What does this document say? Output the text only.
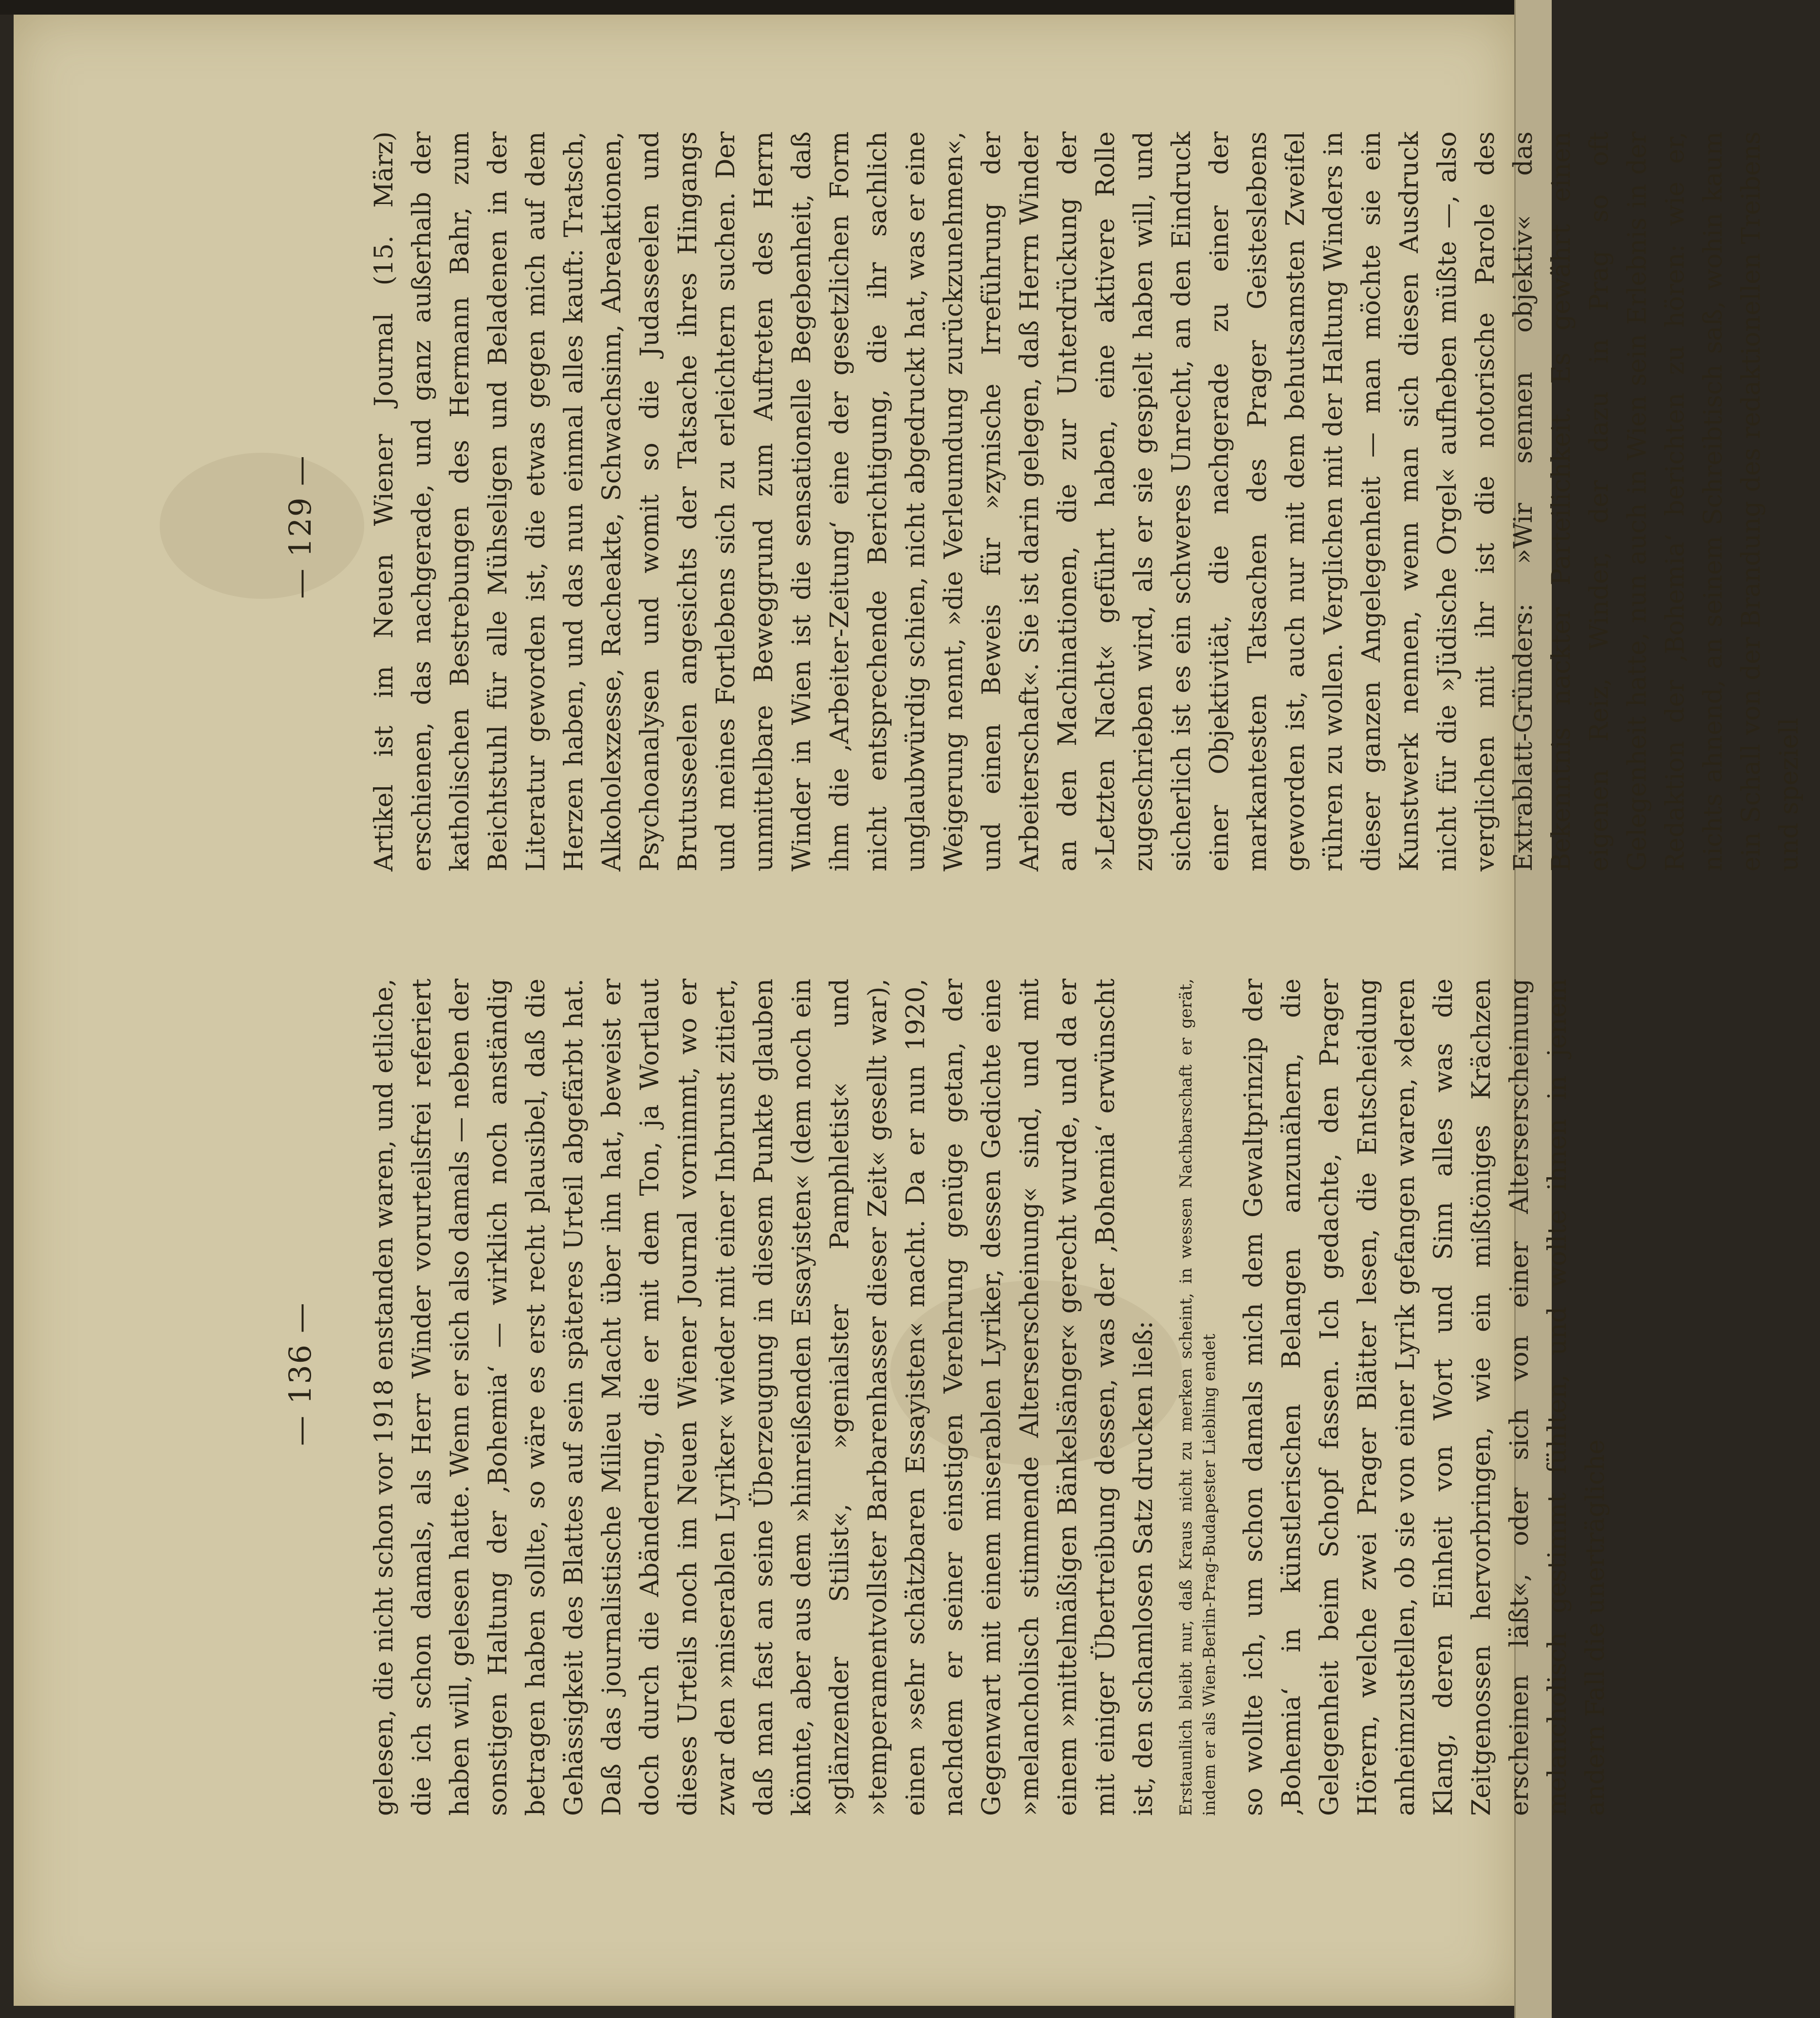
— 136 —
— 129 —

gelesen, die nicht schon vor 1918 enstanden waren, und etliche, die ich schon damals, als Herr Winder vorurteilsfrei referiert haben will, gelesen hatte. Wenn er sich also damals — neben der sonstigen Haltung der ‚Bohemia‘ — wirklich noch anständig betragen haben sollte, so wäre es erst recht plausibel, daß die Gehässigkeit des Blattes auf sein späteres Urteil abgefärbt hat. Daß das journalistische Milieu Macht über ihn hat, beweist er doch durch die Abänderung, die er mit dem Ton, ja Wortlaut dieses Urteils noch im Neuen Wiener Journal vornimmt, wo er zwar den »miserablen Lyriker« wieder mit einer Inbrunst zitiert, daß man fast an seine Überzeugung in diesem Punkte glauben könnte, aber aus dem »hinreißenden Essayisten« (dem noch ein »glänzender Stilist«, »genialster Pamphletist« und »temperamentvollster Barbarenhasser dieser Zeit« gesellt war), einen »sehr schätzbaren Essayisten« macht. Da er nun 1920, nachdem er seiner einstigen Verehrung genüge getan, der Gegenwart mit einem miserablen Lyriker, dessen Gedichte eine »melancholisch stimmende Alterserscheinung« sind, und mit einem »mittelmäßigen Bänkelsänger« gerecht wurde, und da er mit einiger Übertreibung dessen, was der ‚Bohemia‘ erwünscht ist, den schamlosen Satz drucken ließ: Erstaunlich bleibt nur, daß Kraus nicht zu merken scheint, in wessen Nachbarschaft er gerät, indem er als Wien-Berlin-Prag-Budapester Liebling endet so wollte ich, um schon damals mich dem Gewaltprinzip der ‚Bohemia‘ in künstlerischen Belangen anzunähern, die Gelegenheit beim Schopf fassen. Ich gedachte, den Prager Hörern, welche zwei Prager Blätter lesen, die Entscheidung anheimzustellen, ob sie von einer Lyrik gefangen waren, »deren Klang, deren Einheit von Wort und Sinn alles was die Zeitgenossen hervorbringen, wie ein mißtöniges Krächzen erscheinen läßt«, oder sich von einer Alterserscheinung melancholisch gestimmt fühlten, und wollte ihnen in jenem andern Fall die unerträgliche

Artikel ist im Neuen Wiener Journal (15. März) erschienen, das nachgerade, und ganz außerhalb der katholischen Bestrebungen des Hermann Bahr, zum Beichtstuhl für alle Mühseligen und Beladenen in der Literatur geworden ist, die etwas gegen mich auf dem Herzen haben, und das nun einmal alles kauft: Tratsch, Alkoholexzesse, Racheakte, Schwachsinn, Abreaktionen, Psychoanalysen und womit so die Judasseelen und Brutusseelen angesichts der Tatsache ihres Hingangs und meines Fortlebens sich zu erleichtern suchen. Der unmittelbare Beweggrund zum Auftreten des Herrn Winder in Wien ist die sensationelle Begebenheit, daß ihm die ‚Arbeiter-Zeitung‘ eine der gesetzlichen Form nicht entsprechende Berichtigung, die ihr sachlich unglaubwürdig schien, nicht abgedruckt hat, was er eine Weigerung nennt, »die Verleumdung zurückzunehmen«, und einen Beweis für »zynische Irreführung der Arbeiterschaft«. Sie ist darin gelegen, daß Herrn Winder an den Machinationen, die zur Unterdrückung der »Letzten Nacht« geführt haben, eine aktivere Rolle zugeschrieben wird, als er sie gespielt haben will, und sicherlich ist es ein schweres Unrecht, an den Eindruck einer Objektivität, die nachgerade zu einer der markantesten Tatsachen des Prager Geisteslebens geworden ist, auch nur mit dem behutsamsten Zweifel rühren zu wollen. Verglichen mit der Haltung Winders in dieser ganzen Angelegenheit — man möchte sie ein Kunstwerk nennen, wenn man sich diesen Ausdruck nicht für die »Jüdische Orgel« aufheben müßte —, also verglichen mit ihr ist die notorische Parole des Extrablatt-Gründers: »Wir sennen objektiv« das Bekenntnis nackter Parteilichkeit. Es gewährt einen eigenen Reiz, Winder, der dazu in Prag so oft Gelegenheit hatte, nun auch in Wien sein Erlebnis in der Redaktion der ‚Bohemia‘ berichten zu hören: wie er, nichts ahnend, an seinem Schreibtisch saß, wohin kaum ein Schall von der Brandung des redaktionellen Treibens und speziell
